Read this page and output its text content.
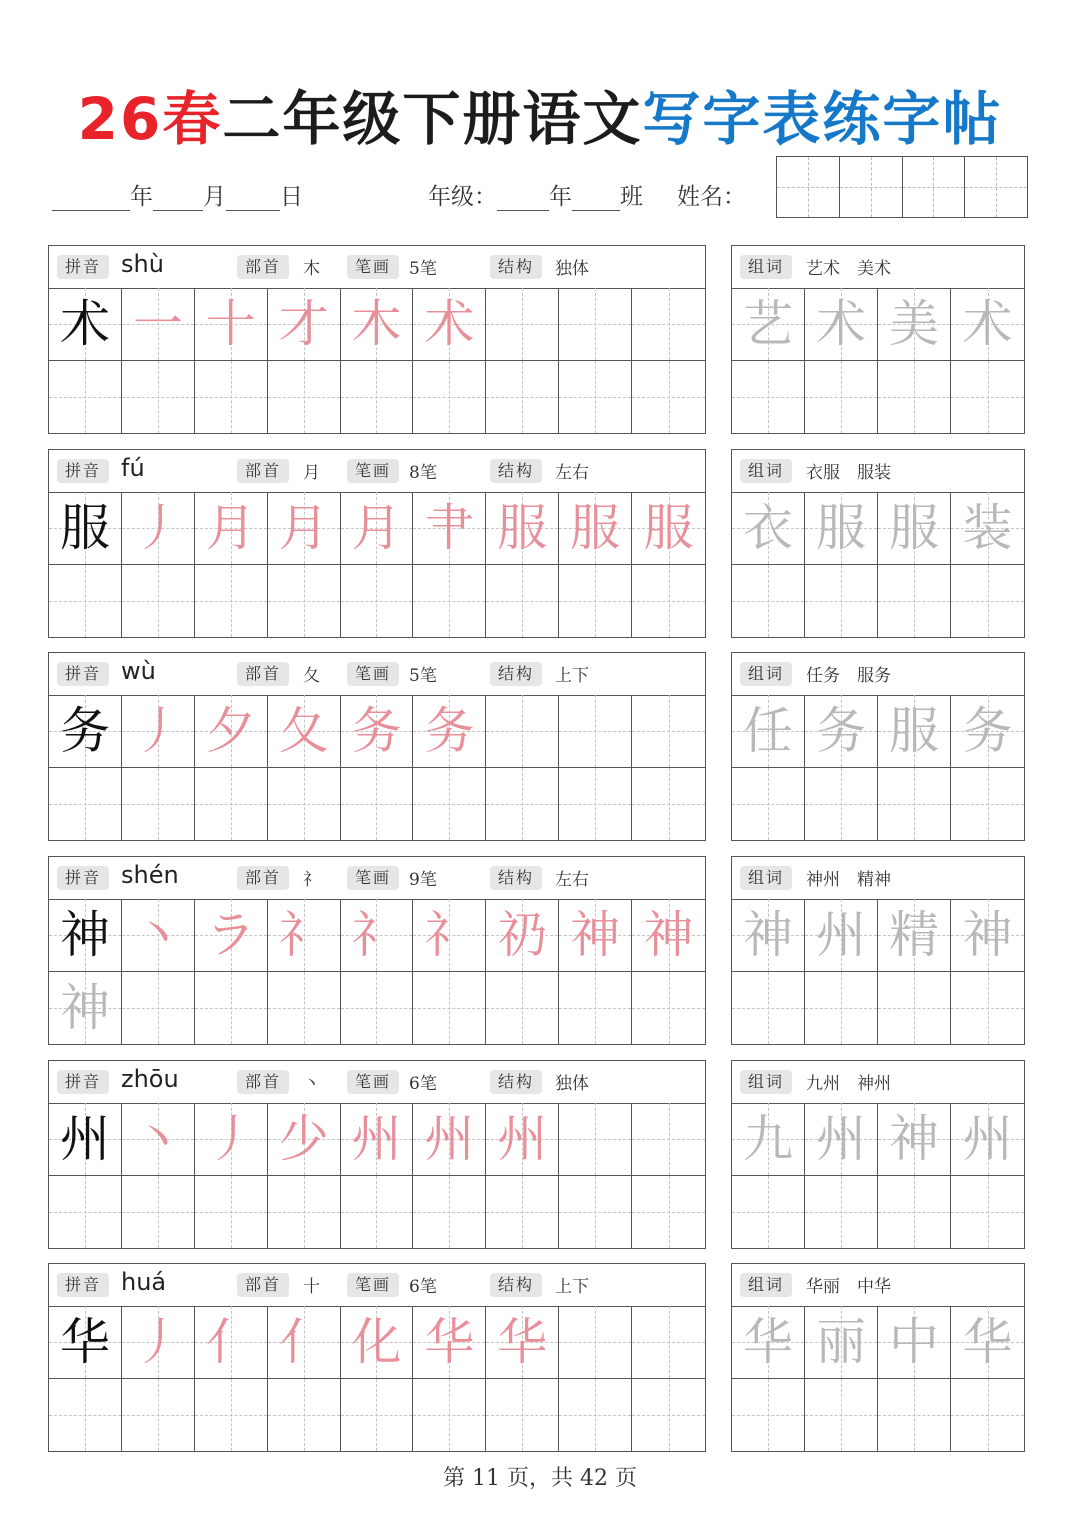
26春二年级下册语文写字表练字帖
年 月 日	年级： 年 班 姓名：
拼音 shù	部首	木	笔画	5笔	结构	独体
术 一 十 才 木 术
组词	艺术　美术
艺 术 美 术
拼音 fú	部首	月	笔画	8笔	结构	左右
服 丿 月 月 月 肀 服 服 服
组词	衣服　服装
衣 服 服 装
拼音 wù	部首	夂	笔画	5笔	结构	上下
务 丿 夕 夂 务 务
组词	任务　服务
任 务 服 务
拼音 shén	部首	礻	笔画	9笔	结构	左右
神 丶 ラ 礻 礻 礻 礽 神 神
神
组词	神州　精神
神 州 精 神
拼音 zhōu	部首	丶	笔画	6笔	结构	独体
州 丶 丿 少 州 州 州
组词	九州　神州
九 州 神 州
拼音 huá	部首	十	笔画	6笔	结构	上下
华 丿 亻 亻 化 华 华
组词	华丽　中华
华 丽 中 华
第 11 页，共 42 页
